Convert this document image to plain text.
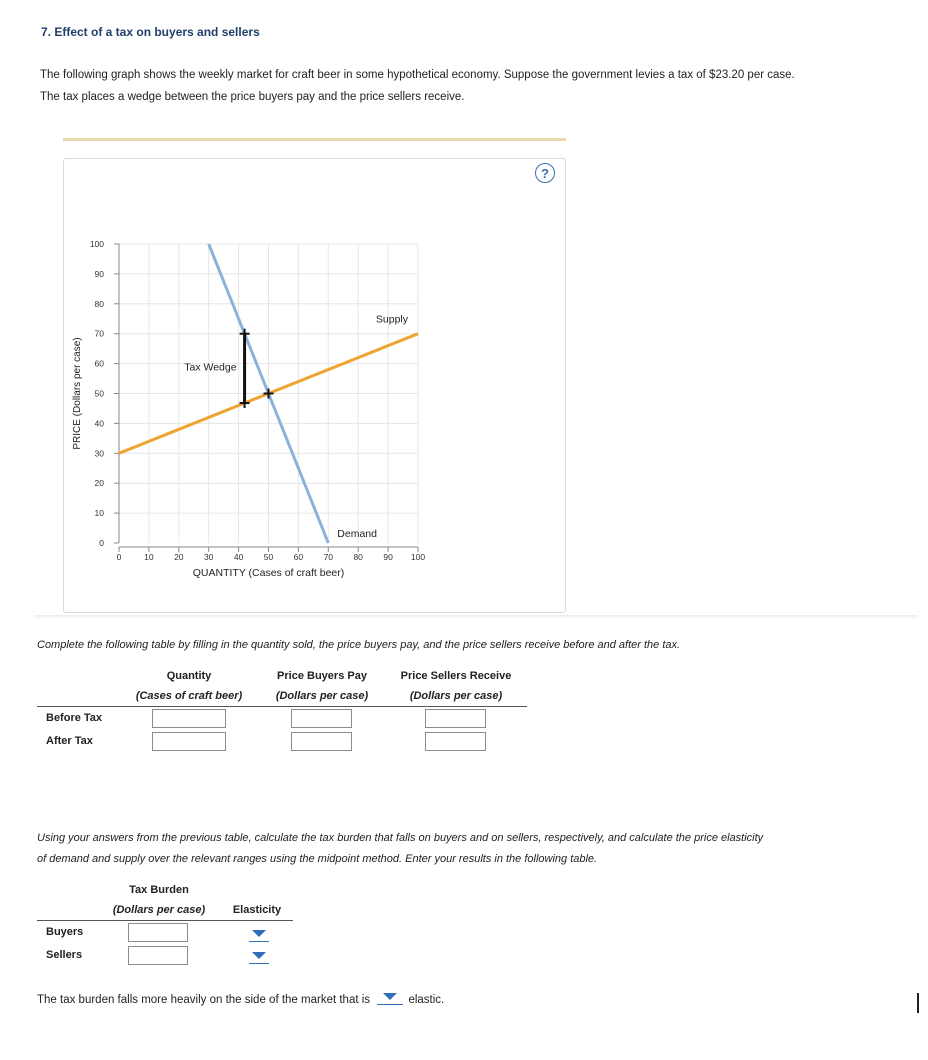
7. Effect of a tax on buyers and sellers
The following graph shows the weekly market for craft beer in some hypothetical economy. Suppose the government levies a tax of $23.20 per case.
The tax places a wedge between the price buyers pay and the price sellers receive.
?
0
10
20
30
40
50
60
70
80
90
100
0	10 20 30 40 50 60 70 80 90 100
QUANTITY (Cases of craft beer)
PRICE (Dollars per case)
Supply
Demand
Tax Wedge
Complete the following table by filling in the quantity sold, the price buyers pay, and the price sellers receive before and after the tax.
Quantity
(Cases of craft beer)
Price Buyers Pay
(Dollars per case)
Price Sellers Receive
(Dollars per case)
Before Tax
After Tax
Using your answers from the previous table, calculate the tax burden that falls on buyers and on sellers, respectively, and calculate the price elasticity
of demand and supply over the relevant ranges using the midpoint method. Enter your results in the following table.
Tax Burden
(Dollars per case)	Elasticity
Buyers
Sellers
The tax burden falls more heavily on the side of the market that is	elastic.
